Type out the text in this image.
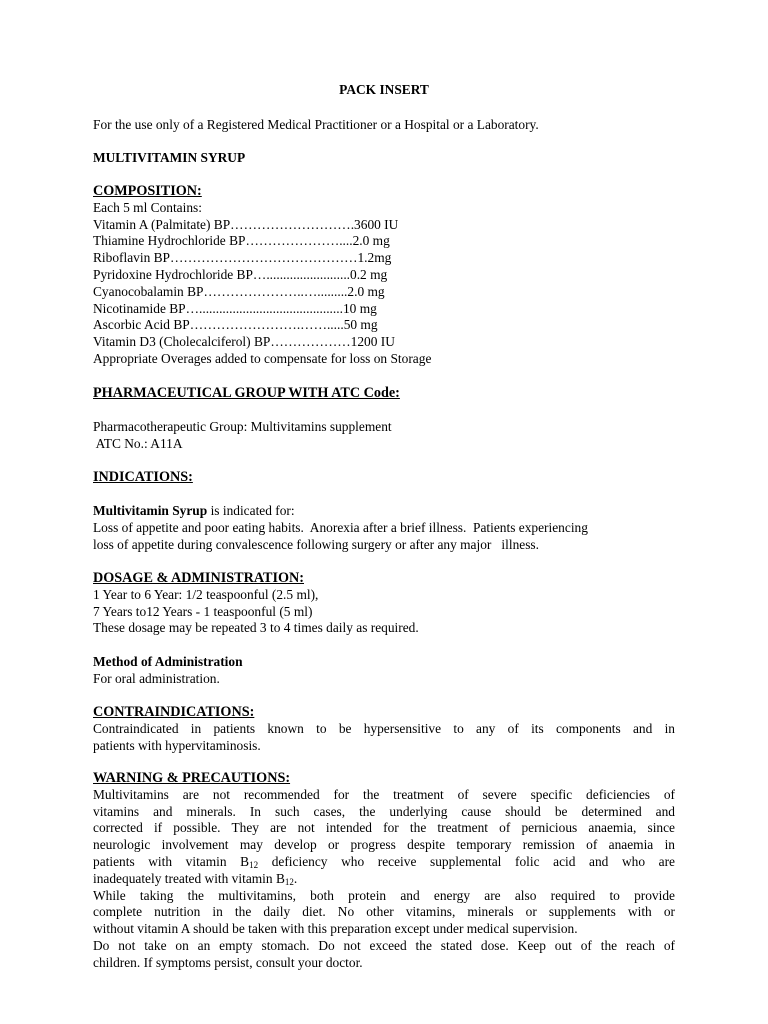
PACK INSERT
For the use only of a Registered Medical Practitioner or a Hospital or a Laboratory.
MULTIVITAMIN SYRUP
COMPOSITION:
Each 5 ml Contains:
Vitamin A (Palmitate) BP……………………….3600 IU
Thiamine Hydrochloride BP…………………....2.0 mg
Riboflavin BP……………………………………1.2mg
Pyridoxine Hydrochloride BP….........................0.2 mg
Cyanocobalamin BP…………………..….........2.0 mg
Nicotinamide BP…...........................................10 mg
Ascorbic Acid BP…………………….…….....50 mg
Vitamin D3 (Cholecalciferol) BP………………1200 IU
Appropriate Overages added to compensate for loss on Storage
PHARMACEUTICAL GROUP WITH ATC Code:
Pharmacotherapeutic Group: Multivitamins supplement
ATC No.: A11A
INDICATIONS:
Multivitamin Syrup is indicated for:
Loss of appetite and poor eating habits.  Anorexia after a brief illness.  Patients experiencing
loss of appetite during convalescence following surgery or after any major   illness.
DOSAGE & ADMINISTRATION:
1 Year to 6 Year: 1/2 teaspoonful (2.5 ml),
7 Years to12 Years - 1 teaspoonful (5 ml)
These dosage may be repeated 3 to 4 times daily as required.
Method of Administration
For oral administration.
CONTRAINDICATIONS:
Contraindicated in patients known to be hypersensitive to any of its components and in
patients with hypervitaminosis.
WARNING & PRECAUTIONS:
Multivitamins are not recommended for the treatment of severe specific deficiencies of
vitamins and minerals. In such cases, the underlying cause should be determined and
corrected if possible. They are not intended for the treatment of pernicious anaemia, since
neurologic involvement may develop or progress despite temporary remission of anaemia in
patients with vitamin $B_{12}$ deficiency who receive supplemental folic acid and who are
inadequately treated with vitamin $B_{12}$.
While taking the multivitamins, both protein and energy are also required to provide
complete nutrition in the daily diet. No other vitamins, minerals or supplements with or
without vitamin A should be taken with this preparation except under medical supervision.
Do not take on an empty stomach. Do not exceed the stated dose. Keep out of the reach of
children. If symptoms persist, consult your doctor.
